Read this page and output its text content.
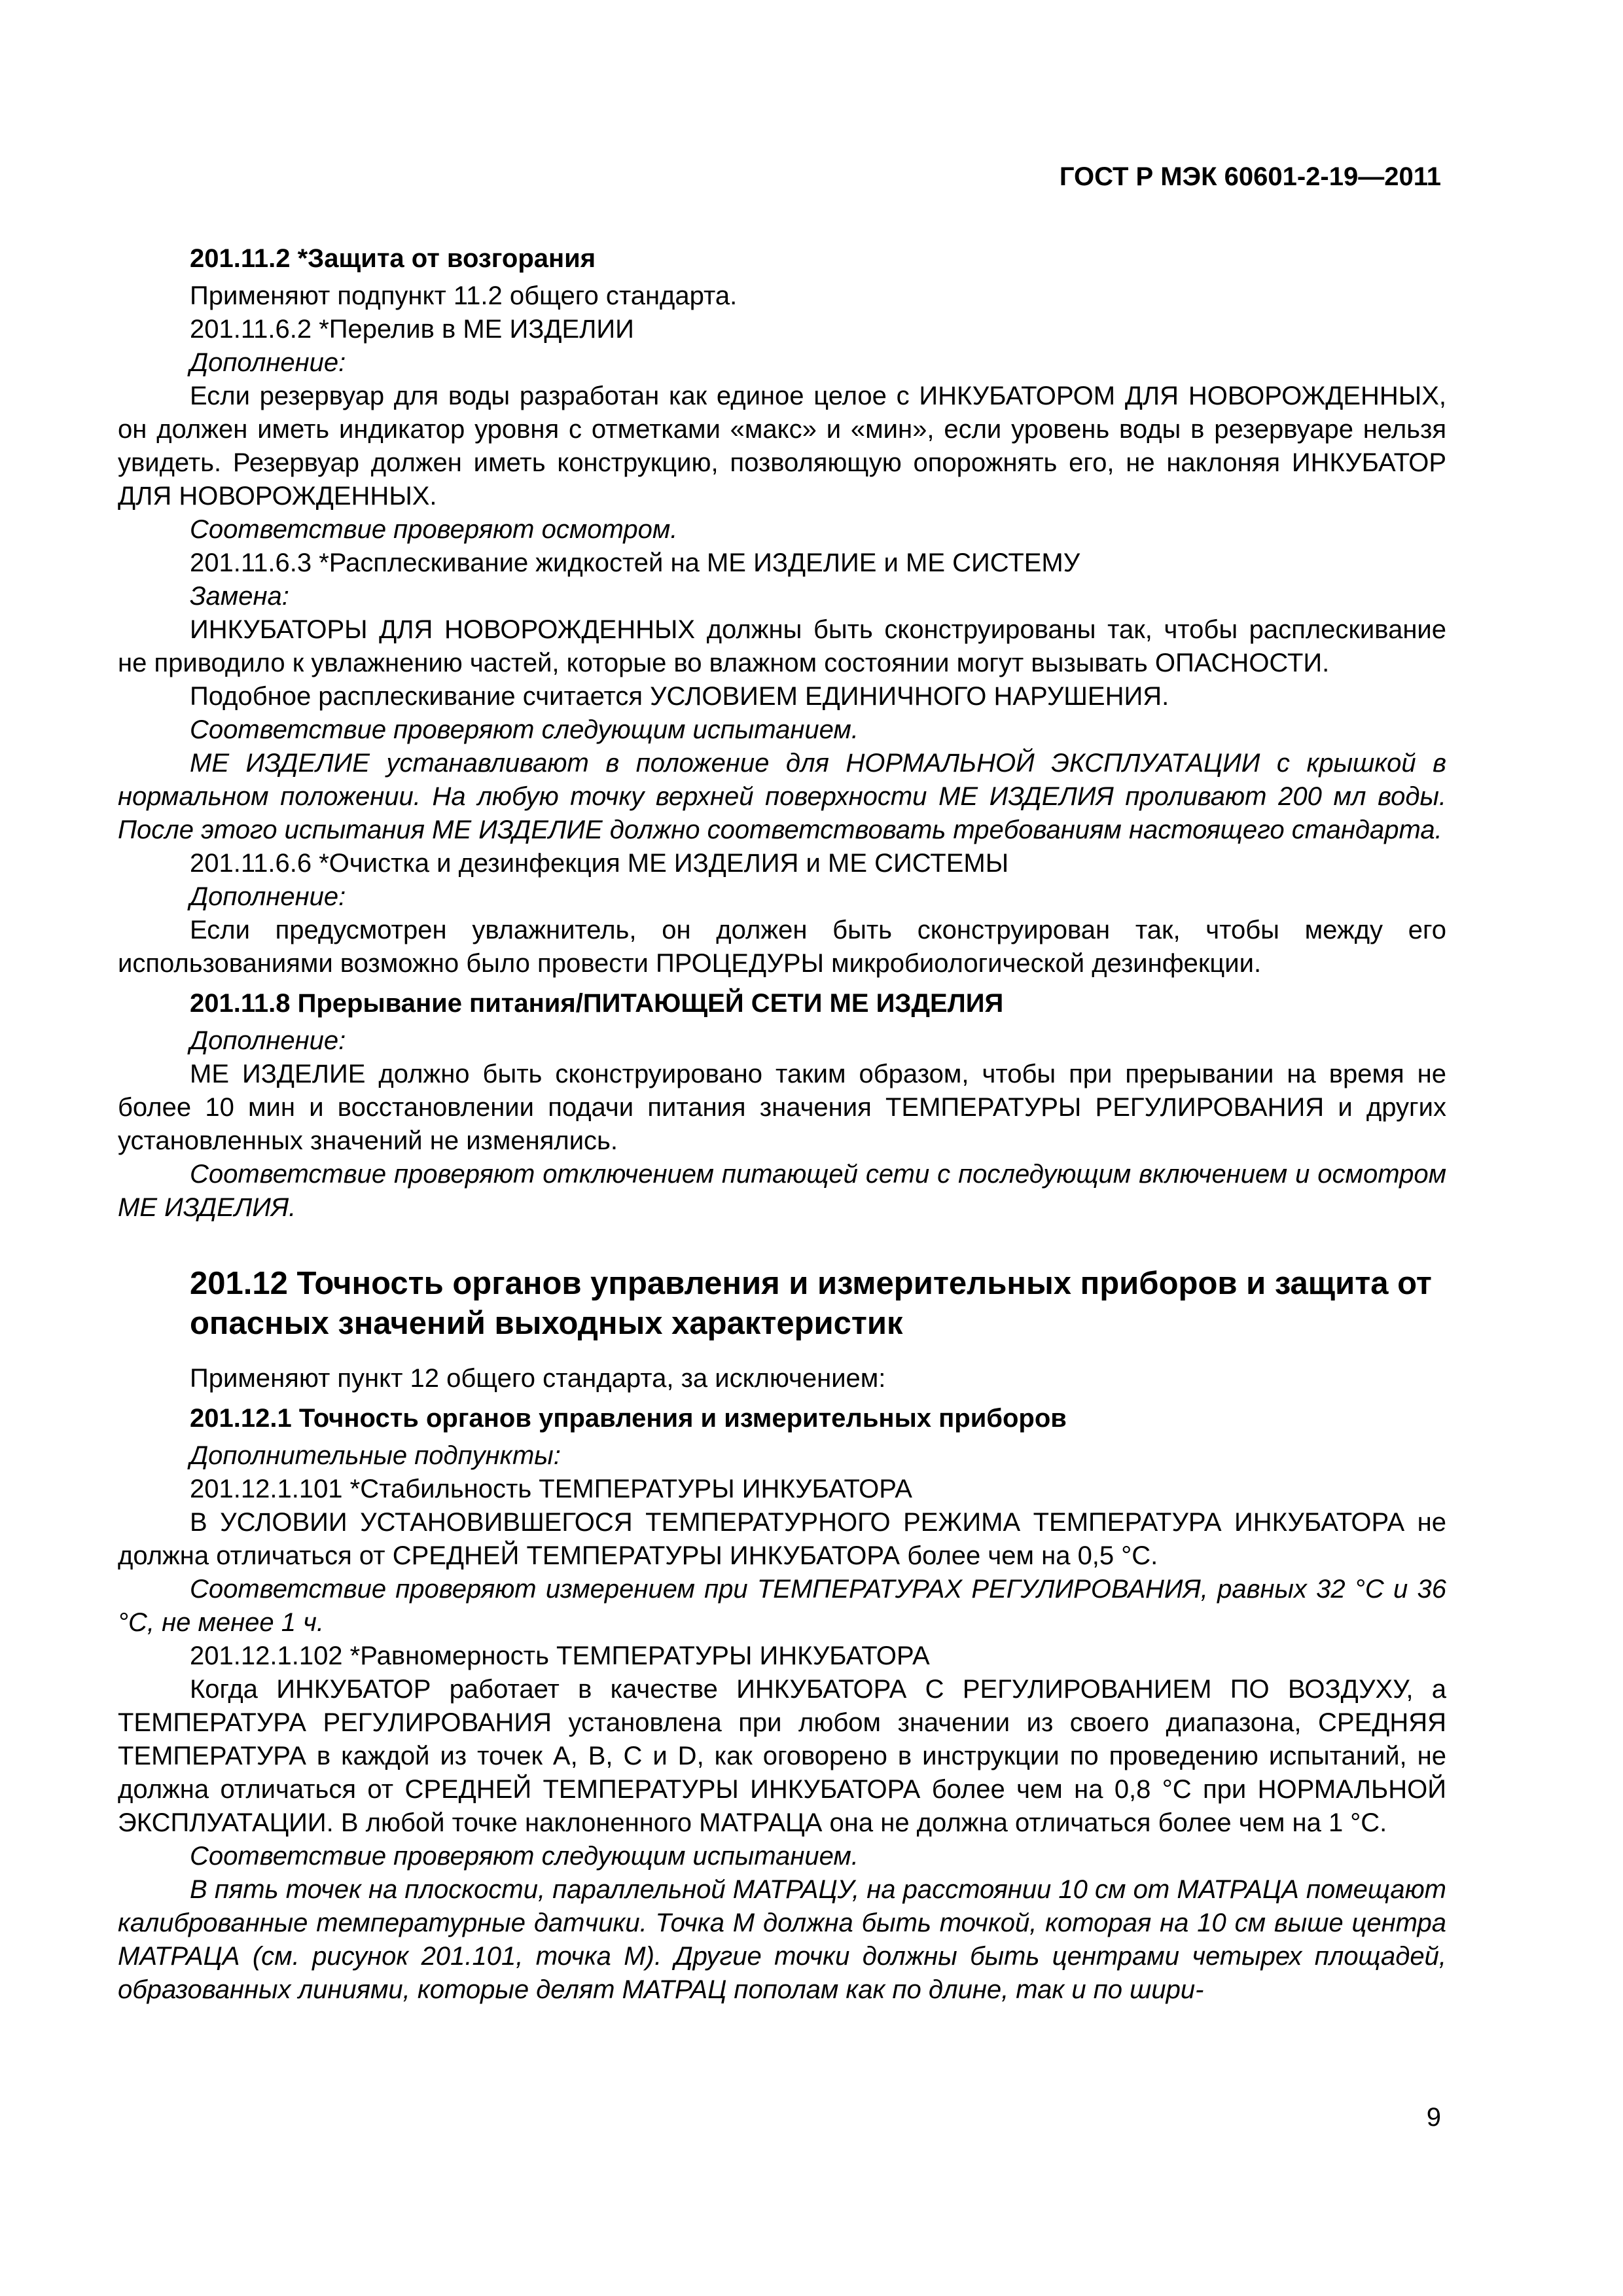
ГОСТ Р МЭК 60601-2-19—2011
201.11.2 *Защита от возгорания

Применяют подпункт 11.2 общего стандарта.

201.11.6.2 *Перелив в МЕ ИЗДЕЛИИ

Дополнение:

Если резервуар для воды разработан как единое целое с ИНКУБАТОРОМ ДЛЯ НОВОРОЖДЕННЫХ, он должен иметь индикатор уровня с отметками «макс» и «мин», если уровень воды в резервуаре нельзя увидеть. Резервуар должен иметь конструкцию, позволяющую опорожнять его, не наклоняя ИНКУБАТОР ДЛЯ НОВОРОЖДЕННЫХ.

Соответствие проверяют осмотром.

201.11.6.3 *Расплескивание жидкостей на МЕ ИЗДЕЛИЕ и МЕ СИСТЕМУ

Замена:

ИНКУБАТОРЫ ДЛЯ НОВОРОЖДЕННЫХ должны быть сконструированы так, чтобы расплескивание не приводило к увлажнению частей, которые во влажном состоянии могут вызывать ОПАСНОСТИ.

Подобное расплескивание считается УСЛОВИЕМ ЕДИНИЧНОГО НАРУШЕНИЯ.

Соответствие проверяют следующим испытанием.

МЕ ИЗДЕЛИЕ устанавливают в положение для НОРМАЛЬНОЙ ЭКСПЛУАТАЦИИ с крышкой в нормальном положении. На любую точку верхней поверхности МЕ ИЗДЕЛИЯ проливают 200 мл воды. После этого испытания МЕ ИЗДЕЛИЕ должно соответствовать требованиям настоящего стандарта.

201.11.6.6 *Очистка и дезинфекция МЕ ИЗДЕЛИЯ и МЕ СИСТЕМЫ

Дополнение:

Если предусмотрен увлажнитель, он должен быть сконструирован так, чтобы между его использованиями возможно было провести ПРОЦЕДУРЫ микробиологической дезинфекции.

201.11.8 Прерывание питания/ПИТАЮЩЕЙ СЕТИ МЕ ИЗДЕЛИЯ

Дополнение:

МЕ ИЗДЕЛИЕ должно быть сконструировано таким образом, чтобы при прерывании на время не более 10 мин и восстановлении подачи питания значения ТЕМПЕРАТУРЫ РЕГУЛИРОВАНИЯ и других установленных значений не изменялись.

Соответствие проверяют отключением питающей сети с последующим включением и осмотром МЕ ИЗДЕЛИЯ.

201.12 Точность органов управления и измерительных приборов и защита от опасных значений выходных характеристик

Применяют пункт 12 общего стандарта, за исключением:

201.12.1 Точность органов управления и измерительных приборов

Дополнительные подпункты:

201.12.1.101 *Стабильность ТЕМПЕРАТУРЫ ИНКУБАТОРА

В УСЛОВИИ УСТАНОВИВШЕГОСЯ ТЕМПЕРАТУРНОГО РЕЖИМА ТЕМПЕРАТУРА ИНКУБАТОРА не должна отличаться от СРЕДНЕЙ ТЕМПЕРАТУРЫ ИНКУБАТОРА более чем на 0,5 °С.

Соответствие проверяют измерением при ТЕМПЕРАТУРАХ РЕГУЛИРОВАНИЯ, равных 32 °С и 36 °С, не менее 1 ч.

201.12.1.102 *Равномерность ТЕМПЕРАТУРЫ ИНКУБАТОРА

Когда ИНКУБАТОР работает в качестве ИНКУБАТОРА С РЕГУЛИРОВАНИЕМ ПО ВОЗДУХУ, а ТЕМПЕРАТУРА РЕГУЛИРОВАНИЯ установлена при любом значении из своего диапазона, СРЕДНЯЯ ТЕМПЕРАТУРА в каждой из точек A, B, C и D, как оговорено в инструкции по проведению испытаний, не должна отличаться от СРЕДНЕЙ ТЕМПЕРАТУРЫ ИНКУБАТОРА более чем на 0,8 °С при НОРМАЛЬНОЙ ЭКСПЛУАТАЦИИ. В любой точке наклоненного МАТРАЦА она не должна отличаться более чем на 1 °С.

Соответствие проверяют следующим испытанием.

В пять точек на плоскости, параллельной МАТРАЦУ, на расстоянии 10 см от МАТРАЦА помещают калиброванные температурные датчики. Точка М должна быть точкой, которая на 10 см выше центра МАТРАЦА (см. рисунок 201.101, точка М). Другие точки должны быть центрами четырех площадей, образованных линиями, которые делят МАТРАЦ пополам как по длине, так и по шири-

9
